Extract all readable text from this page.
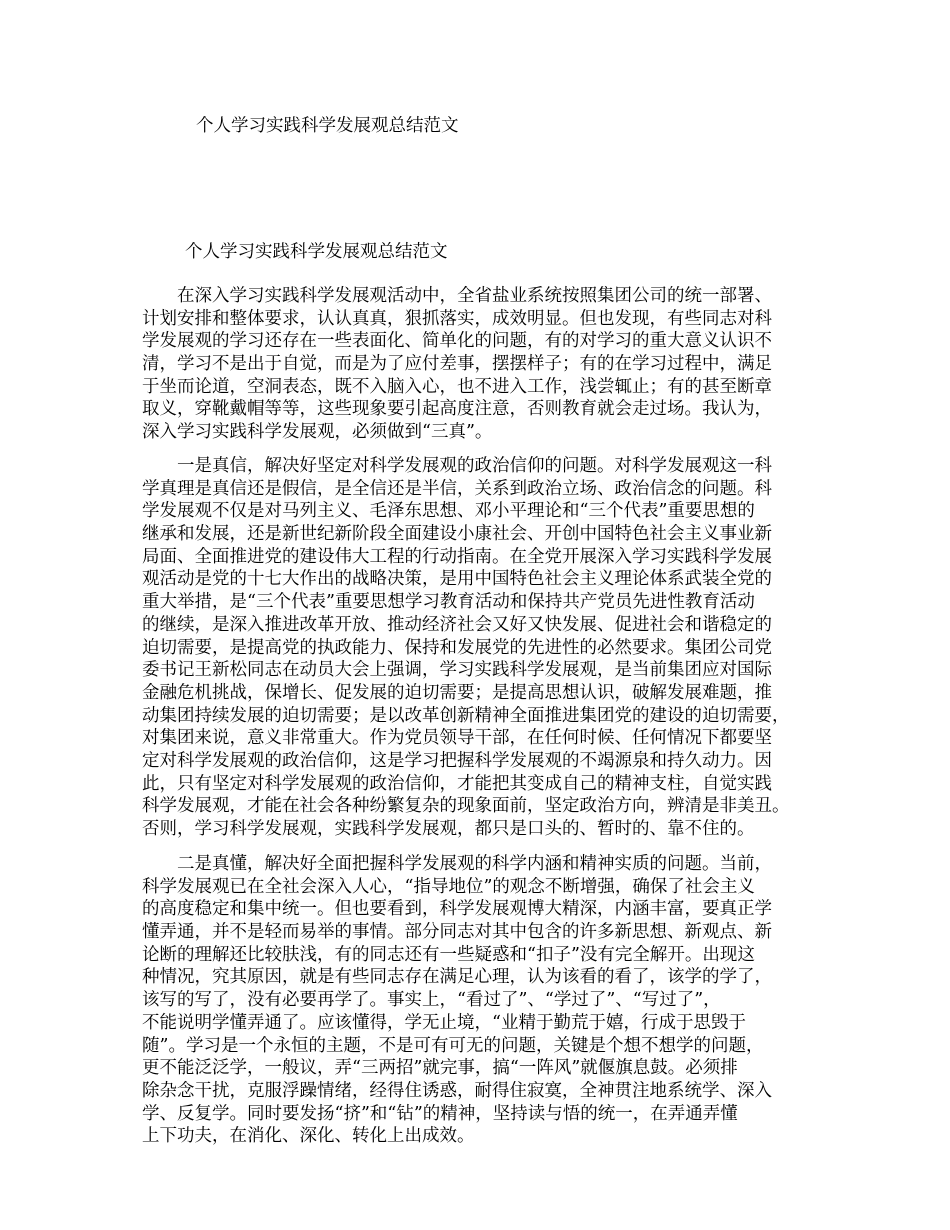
个人学习实践科学发展观总结范文
个人学习实践科学发展观总结范文
在深入学习实践科学发展观活动中，全省盐业系统按照集团公司的统一部署、
计划安排和整体要求，认认真真，狠抓落实，成效明显。但也发现，有些同志对科
学发展观的学习还存在一些表面化、简单化的问题，有的对学习的重大意义认识不
清，学习不是出于自觉，而是为了应付差事，摆摆样子；有的在学习过程中，满足
于坐而论道，空洞表态，既不入脑入心，也不进入工作，浅尝辄止；有的甚至断章
取义，穿靴戴帽等等，这些现象要引起高度注意，否则教育就会走过场。我认为，
深入学习实践科学发展观，必须做到“三真”。
一是真信，解决好坚定对科学发展观的政治信仰的问题。对科学发展观这一科
学真理是真信还是假信，是全信还是半信，关系到政治立场、政治信念的问题。科
学发展观不仅是对马列主义、毛泽东思想、邓小平理论和“三个代表”重要思想的
继承和发展，还是新世纪新阶段全面建设小康社会、开创中国特色社会主义事业新
局面、全面推进党的建设伟大工程的行动指南。在全党开展深入学习实践科学发展
观活动是党的十七大作出的战略决策，是用中国特色社会主义理论体系武装全党的
重大举措，是“三个代表”重要思想学习教育活动和保持共产党员先进性教育活动
的继续，是深入推进改革开放、推动经济社会又好又快发展、促进社会和谐稳定的
迫切需要，是提高党的执政能力、保持和发展党的先进性的必然要求。集团公司党
委书记王新松同志在动员大会上强调，学习实践科学发展观，是当前集团应对国际
金融危机挑战，保增长、促发展的迫切需要；是提高思想认识，破解发展难题，推
动集团持续发展的迫切需要；是以改革创新精神全面推进集团党的建设的迫切需要，
对集团来说，意义非常重大。作为党员领导干部，在任何时候、任何情况下都要坚
定对科学发展观的政治信仰，这是学习把握科学发展观的不竭源泉和持久动力。因
此，只有坚定对科学发展观的政治信仰，才能把其变成自己的精神支柱，自觉实践
科学发展观，才能在社会各种纷繁复杂的现象面前，坚定政治方向，辨清是非美丑。
否则，学习科学发展观，实践科学发展观，都只是口头的、暂时的、靠不住的。
二是真懂，解决好全面把握科学发展观的科学内涵和精神实质的问题。当前，
科学发展观已在全社会深入人心，“指导地位”的观念不断增强，确保了社会主义
的高度稳定和集中统一。但也要看到，科学发展观博大精深，内涵丰富，要真正学
懂弄通，并不是轻而易举的事情。部分同志对其中包含的许多新思想、新观点、新
论断的理解还比较肤浅，有的同志还有一些疑惑和“扣子”没有完全解开。出现这
种情况，究其原因，就是有些同志存在满足心理，认为该看的看了，该学的学了，
该写的写了，没有必要再学了。事实上，“看过了”、“学过了”、“写过了”，
不能说明学懂弄通了。应该懂得，学无止境，“业精于勤荒于嬉，行成于思毁于
随”。学习是一个永恒的主题，不是可有可无的问题，关键是个想不想学的问题，
更不能泛泛学，一般议，弄“三两招”就完事，搞“一阵风”就偃旗息鼓。必须排
除杂念干扰，克服浮躁情绪，经得住诱惑，耐得住寂寞，全神贯注地系统学、深入
学、反复学。同时要发扬“挤”和“钻”的精神，坚持读与悟的统一，在弄通弄懂
上下功夫，在消化、深化、转化上出成效。
